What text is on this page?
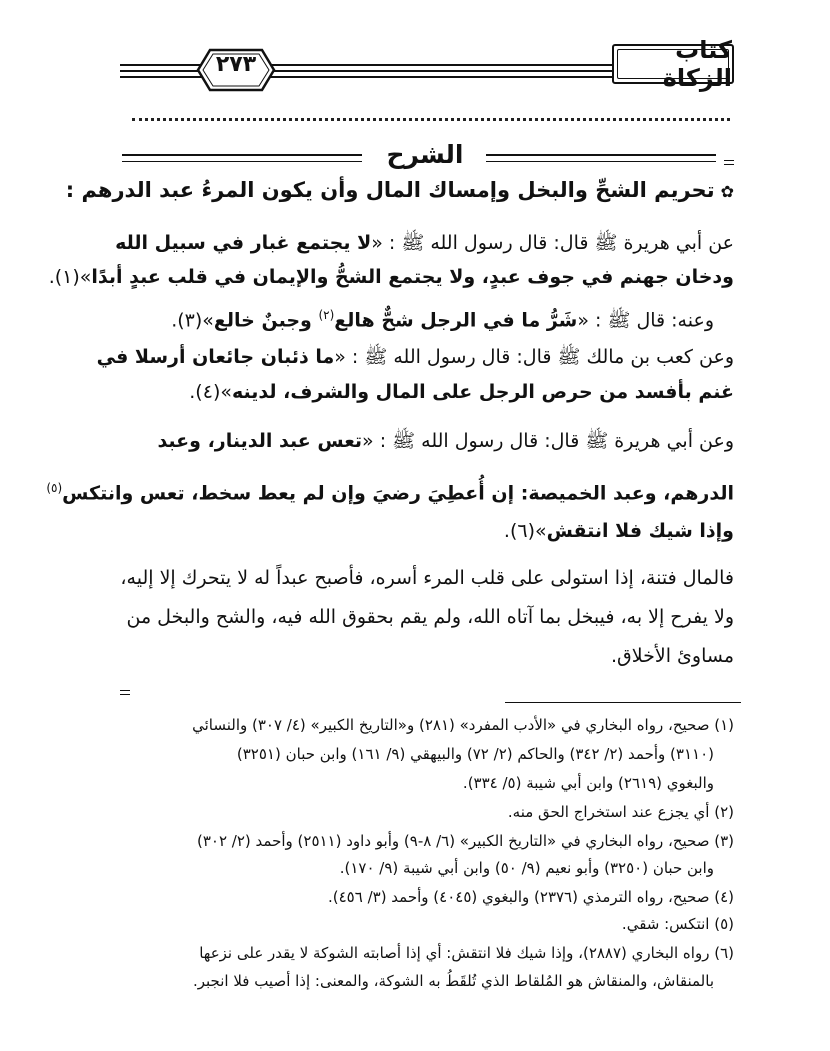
كتاب الزكاة
٢٧٣
الشرح
✿تحريم الشحِّ والبخل وإمساك المال وأن يكون المرءُ عبد الدرهم :
عن أبي هريرة ﷺ قال: قال رسول الله ﷺ : «لا يجتمع غبار في سبيل الله
ودخان جهنم في جوف عبدٍ، ولا يجتمع الشحُّ والإيمان في قلب عبدٍ أبدًا»(١).
وعنه: قال ﷺ : «شَرُّ ما في الرجل شحٌّ هالع$^{(٢)}$ وجبنٌ خالع»(٣).
وعن كعب بن مالك ﷺ قال: قال رسول الله ﷺ : «ما ذئبان جائعان أرسلا في
غنم بأفسد من حرص الرجل على المال والشرف، لدينه»(٤).
وعن أبي هريرة ﷺ قال: قال رسول الله ﷺ : «تعس عبد الدينار، وعبد
الدرهم، وعبد الخميصة: إن أُعطِيَ رضيَ وإن لم يعط سخط، تعس وانتكس$^{(٥)}$
وإذا شيك فلا انتقش»(٦).
فالمال فتنة، إذا استولى على قلب المرء أسره، فأصبح عبداً له لا يتحرك إلا إليه،
ولا يفرح إلا به، فيبخل بما آتاه الله، ولم يقم بحقوق الله فيه، والشح والبخل من
مساوئ الأخلاق.
(١) صحيح، رواه البخاري في «الأدب المفرد» (٢٨١) و«التاريخ الكبير» (٤/ ٣٠٧) والنسائي
(٣١١٠) وأحمد (٢/ ٣٤٢) والحاكم (٢/ ٧٢) والبيهقي (٩/ ١٦١) وابن حبان (٣٢٥١)
والبغوي (٢٦١٩) وابن أبي شيبة (٥/ ٣٣٤).
(٢) أي يجزع عند استخراج الحق منه.
(٣) صحيح، رواه البخاري في «التاريخ الكبير» (٦/ ٨-٩) وأبو داود (٢٥١١) وأحمد (٢/ ٣٠٢)
وابن حبان (٣٢٥٠) وأبو نعيم (٩/ ٥٠) وابن أبي شيبة (٩/ ١٧٠).
(٤) صحيح، رواه الترمذي (٢٣٧٦) والبغوي (٤٠٤٥) وأحمد (٣/ ٤٥٦).
(٥) انتكس: شقي.
(٦) رواه البخاري (٢٨٨٧)، وإذا شيك فلا انتقش: أي إذا أصابته الشوكة لا يقدر على نزعها
بالمنقاش، والمنقاش هو المُلقاط الذي تُلقَطُ به الشوكة، والمعنى: إذا أصيب فلا انجبر.
